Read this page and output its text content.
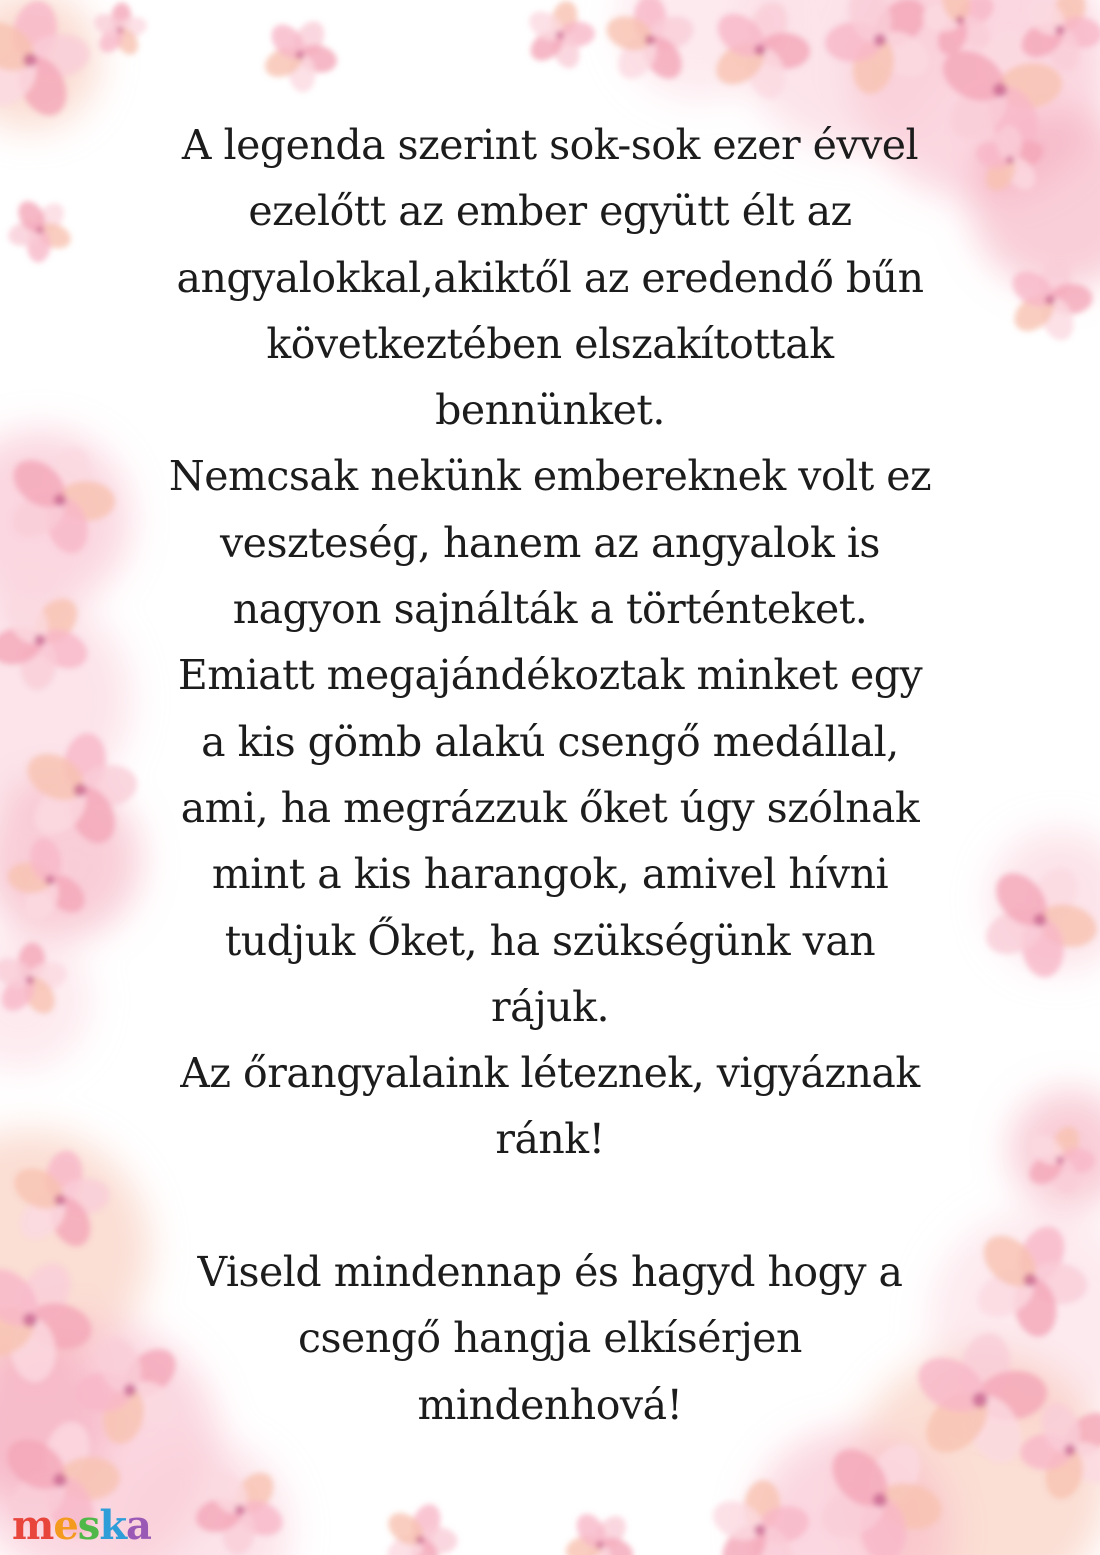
A legenda szerint sok-sok ezer évvel
ezelőtt az ember együtt élt az
angyalokkal,akiktől az eredendő bűn
következtében elszakítottak
bennünket.
Nemcsak nekünk embereknek volt ez
veszteség, hanem az angyalok is
nagyon sajnálták a történteket.
Emiatt megajándékoztak minket egy
a kis gömb alakú csengő medállal,
ami, ha megrázzuk őket úgy szólnak
mint a kis harangok, amivel hívni
tudjuk Őket, ha szükségünk van
rájuk.
Az őrangyalaink léteznek, vigyáznak
ránk!
Viseld mindennap és hagyd hogy a
csengő hangja elkísérjen
mindenhová!
meska
